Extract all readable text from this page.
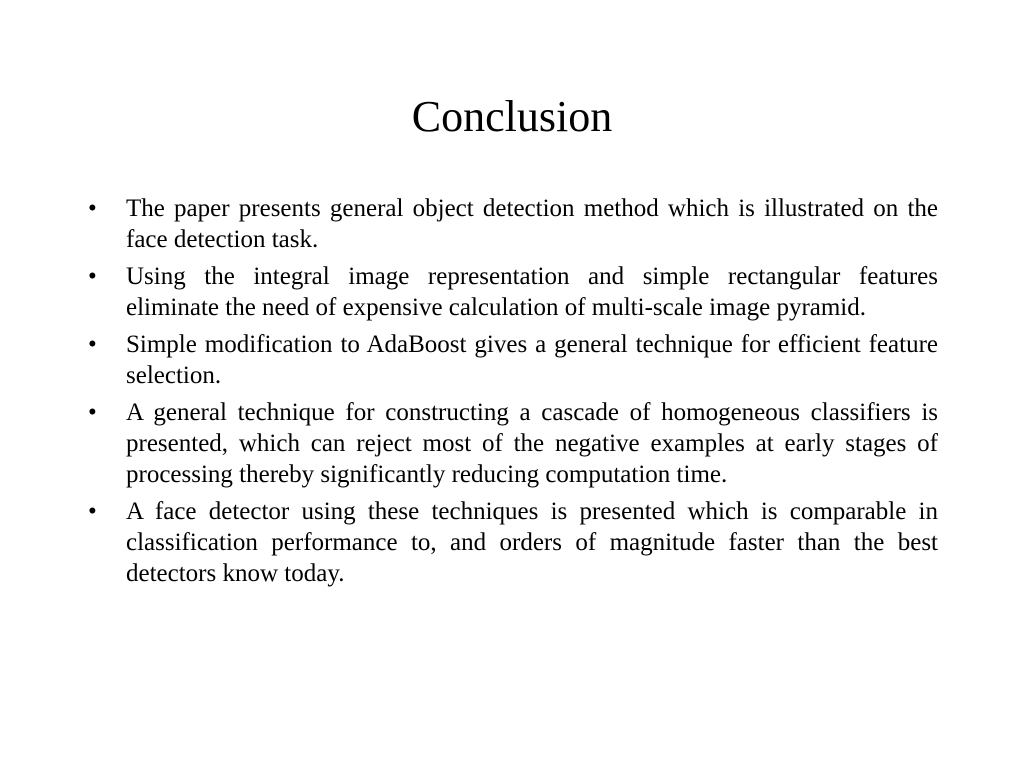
Conclusion
•	The paper presents general object detection method which is illustrated on the face detection task.
•	Using the integral image representation and simple rectangular features eliminate the need of expensive calculation of multi-scale image pyramid.
•	Simple modification to AdaBoost gives a general technique for efficient feature selection.
•	A general technique for constructing a cascade of homogeneous classifiers is presented, which can reject most of the negative examples at early stages of processing thereby significantly reducing computation time.
•	A face detector using these techniques is presented which is comparable in classification performance to, and orders of magnitude faster than the best detectors know today.
